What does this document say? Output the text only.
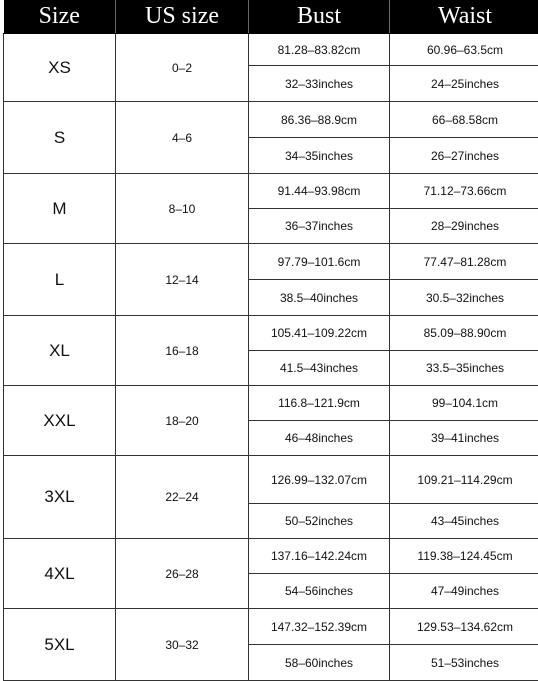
Size	US size	Bust	Waist	
XS	0–2	81.28–83.82cm	60.96–63.5cm	
		32–33inches	24–25inches	
S	4–6	86.36–88.9cm	66–68.58cm	
		34–35inches	26–27inches	
M	8–10	91.44–93.98cm	71.12–73.66cm	
		36–37inches	28–29inches	
L	12–14	97.79–101.6cm	77.47–81.28cm	
		38.5–40inches	30.5–32inches	
XL	16–18	105.41–109.22cm	85.09–88.90cm	
		41.5–43inches	33.5–35inches	
XXL	18–20	116.8–121.9cm	99–104.1cm	
		46–48inches	39–41inches	
3XL	22–24	126.99–132.07cm	109.21–114.29cm	
		50–52inches	43–45inches	
4XL	26–28	137.16–142.24cm	119.38–124.45cm	
		54–56inches	47–49inches	
5XL	30–32	147.32–152.39cm	129.53–134.62cm	
		58–60inches	51–53inches	
